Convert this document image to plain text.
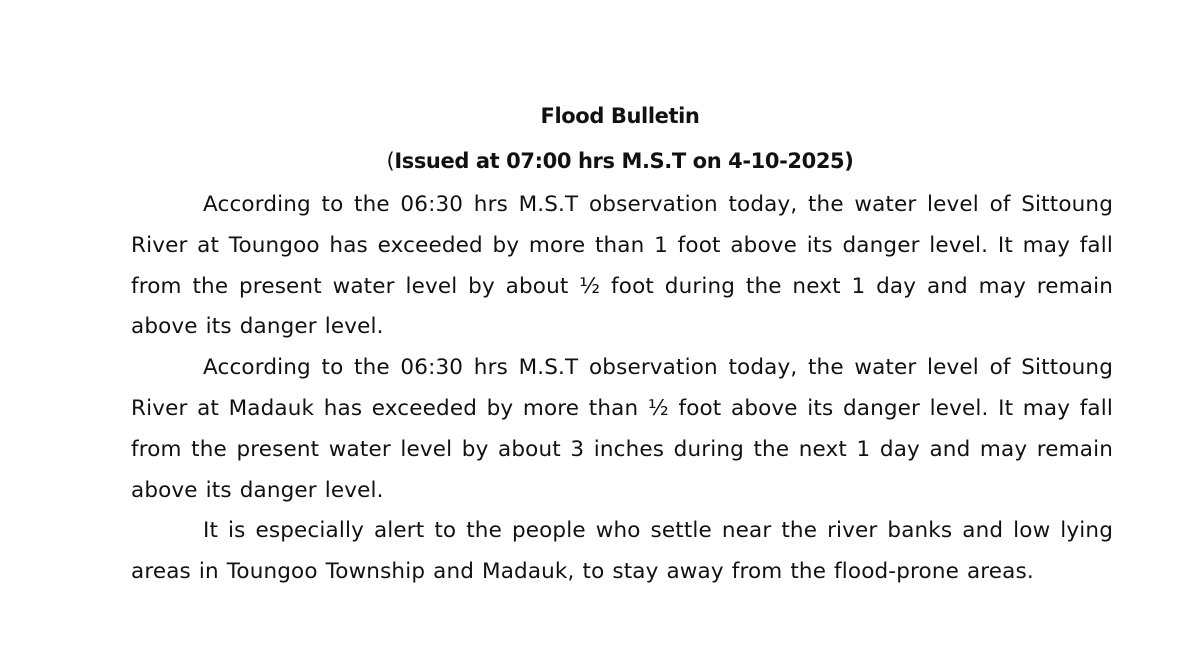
Flood Bulletin

(Issued at 07:00 hrs M.S.T on 4-10-2025)

According to the 06:30 hrs M.S.T observation today, the water level of Sittoung River at Toungoo has exceeded by more than 1 foot above its danger level. It may fall from the present water level by about ½ foot during the next 1 day and may remain above its danger level.

According to the 06:30 hrs M.S.T observation today, the water level of Sittoung River at Madauk has exceeded by more than ½ foot above its danger level. It may fall from the present water level by about 3 inches during the next 1 day and may remain above its danger level.

It is especially alert to the people who settle near the river banks and low lying areas in Toungoo Township and Madauk, to stay away from the flood-prone areas.
